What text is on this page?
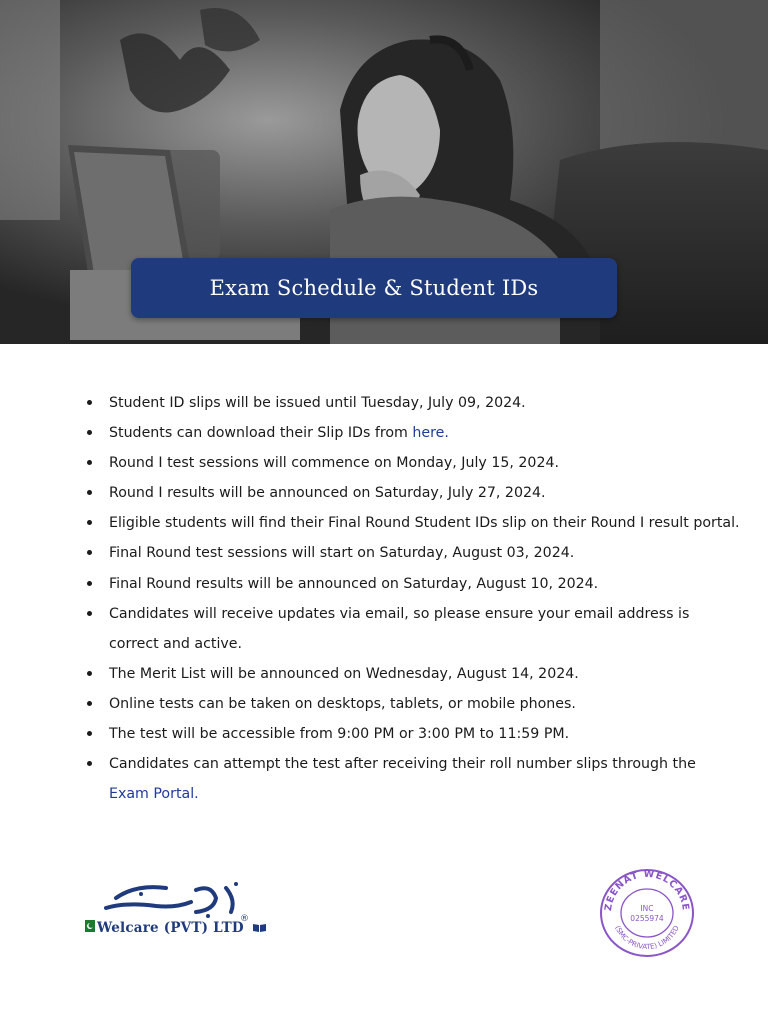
Exam Schedule & Student IDs
Student ID slips will be issued until Tuesday, July 09, 2024.
Students can download their Slip IDs from here.
Round I test sessions will commence on Monday, July 15, 2024.
Round I results will be announced on Saturday, July 27, 2024.
Eligible students will find their Final Round Student IDs slip on their Round I result portal.
Final Round test sessions will start on Saturday, August 03, 2024.
Final Round results will be announced on Saturday, August 10, 2024.
Candidates will receive updates via email, so please ensure your email address is correct and active.
The Merit List will be announced on Wednesday, August 14, 2024.
Online tests can be taken on desktops, tablets, or mobile phones.
The test will be accessible from 9:00 PM or 3:00 PM to 11:59 PM.
Candidates can attempt the test after receiving their roll number slips through the Exam Portal.
Welcare (PVT) LTD
®
ZEENAT WELCARE
(SMC-PRIVATE) LIMITED
INC
0255974
